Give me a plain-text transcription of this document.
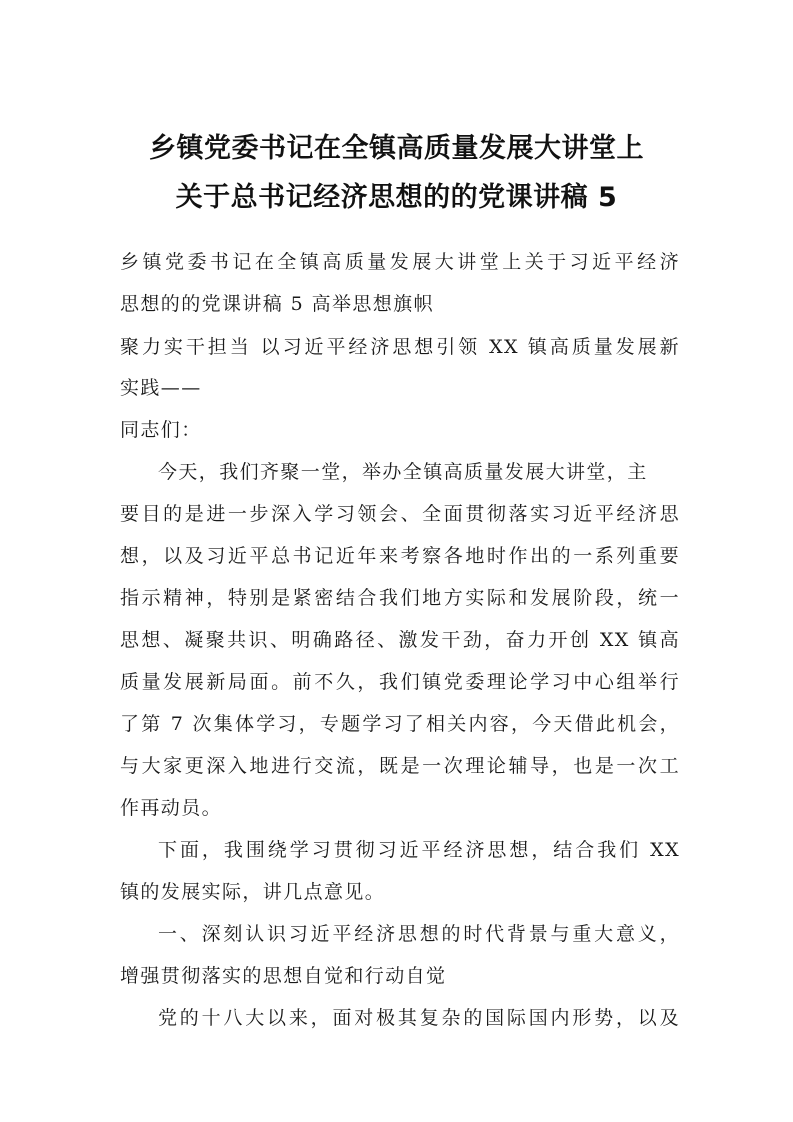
乡镇党委书记在全镇高质量发展大讲堂上
关于总书记经济思想的的党课讲稿 5
乡镇党委书记在全镇高质量发展大讲堂上关于习近平经济
思想的的党课讲稿 5 高举思想旗帜
聚力实干担当 以习近平经济思想引领 XX 镇高质量发展新
实践——
同志们：
今天，我们齐聚一堂，举办全镇高质量发展大讲堂，主
要目的是进一步深入学习领会、全面贯彻落实习近平经济思
想，以及习近平总书记近年来考察各地时作出的一系列重要
指示精神，特别是紧密结合我们地方实际和发展阶段，统一
思想、凝聚共识、明确路径、激发干劲，奋力开创 XX 镇高
质量发展新局面。前不久，我们镇党委理论学习中心组举行
了第 7 次集体学习，专题学习了相关内容，今天借此机会，
与大家更深入地进行交流，既是一次理论辅导，也是一次工
作再动员。
下面，我围绕学习贯彻习近平经济思想，结合我们 XX
镇的发展实际，讲几点意见。
一、深刻认识习近平经济思想的时代背景与重大意义，
增强贯彻落实的思想自觉和行动自觉
党的十八大以来，面对极其复杂的国际国内形势，以及
